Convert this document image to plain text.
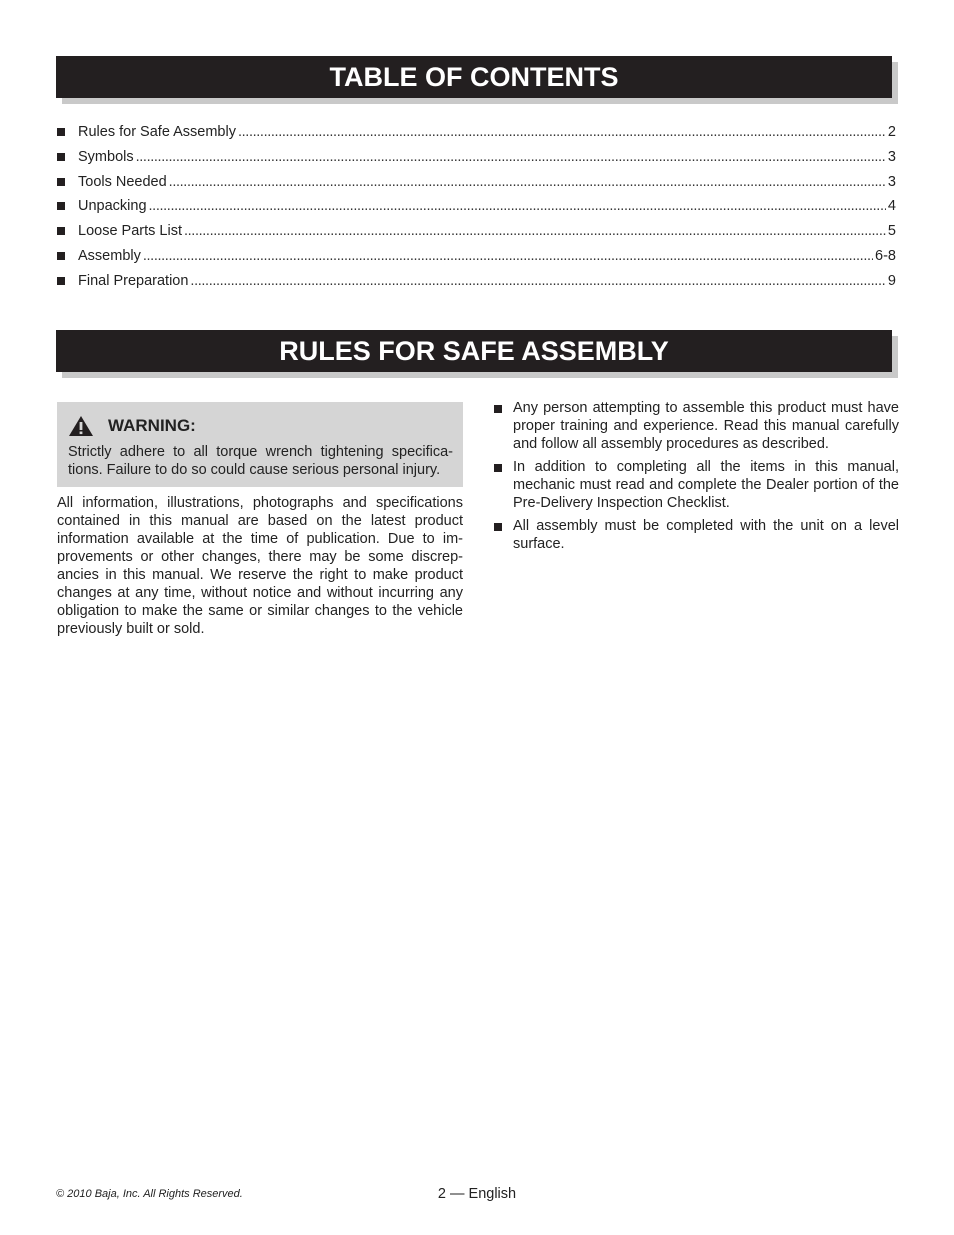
TABLE OF CONTENTS
Rules for Safe Assembly . . .	2
Symbols . . .	3
Tools Needed . . .	3
Unpacking . . .	4
Loose Parts List . . .	5
Assembly . . .	6-8
Final Preparation . . .	9
RULES FOR SAFE ASSEMBLY
WARNING:
Strictly adhere to all torque wrench tightening specifica-tions. Failure to do so could cause serious personal injury.
All information, illustrations, photographs and specifications contained in this manual are based on the latest product information available at the time of publication. Due to im-provements or other changes, there may be some discrep-ancies in this manual. We reserve the right to make product changes at any time, without notice and without incurring any obligation to make the same or similar changes to the vehicle previously built or sold.
Any person attempting to assemble this product must have proper training and experience. Read this manual carefully and follow all assembly procedures as described.
In addition to completing all the items in this manual, mechanic must read and complete the Dealer portion of the Pre-Delivery Inspection Checklist.
All assembly must be completed with the unit on a level surface.
© 2010 Baja, Inc. All Rights Reserved.	2 — English
